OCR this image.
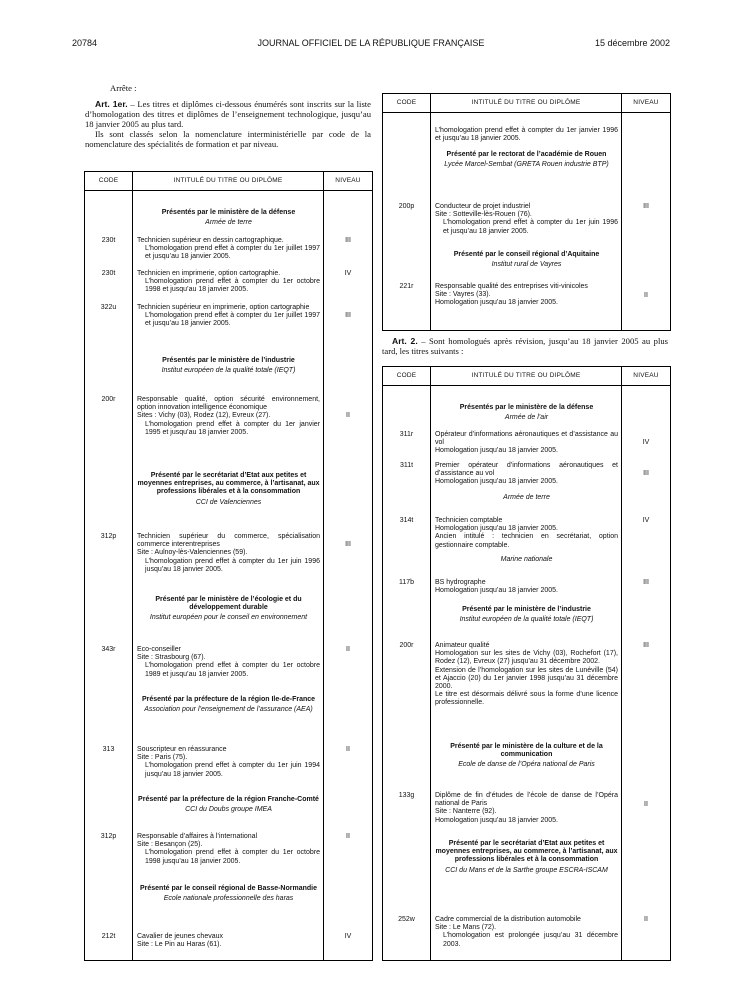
20784	JOURNAL OFFICIEL DE LA RÉPUBLIQUE FRANÇAISE	15 décembre 2002

Arrête :

Art. 1er. – Les titres et diplômes ci-dessous énumérés sont inscrits sur la liste d’homologation des titres et diplômes de l’enseignement technologique, jusqu’au 18 janvier 2005 au plus tard.

Ils sont classés selon la nomenclature interministérielle par code de la nomenclature des spécialités de formation et par niveau.

CODE	INTITULÉ DU TITRE OU DIPLÔME	NIVEAU
Présentés par le ministère de la défense
Armée de terre
230t	Technicien supérieur en dessin cartographique.
L’homologation prend effet à compter du 1er juillet 1997 et jusqu’au 18 janvier 2005.
III
230t	Technicien en imprimerie, option cartographie.
L’homologation prend effet à compter du 1er octobre 1998 et jusqu’au 18 janvier 2005.
IV
322u	Technicien supérieur en imprimerie, option cartographie
L’homologation prend effet à compter du 1er juillet 1997 et jusqu’au 18 janvier 2005.
III
Présentés par le ministère de l’industrie
Institut européen de la qualité totale (IEQT)
200r	Responsable qualité, option sécurité environnement, option innovation intelligence économique
Sites : Vichy (03), Rodez (12), Evreux (27).
L’homologation prend effet à compter du 1er janvier 1995 et jusqu’au 18 janvier 2005.
II
Présenté par le secrétariat d’Etat aux petites et moyennes entreprises, au commerce, à l’artisanat, aux professions libérales et à la consommation
CCI de Valenciennes
312p	Technicien supérieur du commerce, spécialisation commerce interentreprises
Site : Aulnoy-lès-Valenciennes (59).
L’homologation prend effet à compter du 1er juin 1996 jusqu’au 18 janvier 2005.
III
Présenté par le ministère de l’écologie et du développement durable
Institut européen pour le conseil en environnement
343r	Eco-conseiller
Site : Strasbourg (67).
L’homologation prend effet à compter du 1er octobre 1989 et jusqu’au 18 janvier 2005.
II
Présenté par la préfecture de la région Ile-de-France
Association pour l’enseignement de l’assurance (AEA)
313	Souscripteur en réassurance
Site : Paris (75).
L’homologation prend effet à compter du 1er juin 1994 jusqu’au 18 janvier 2005.
II
Présenté par la préfecture de la région Franche-Comté
CCI du Doubs groupe IMEA
312p	Responsable d’affaires à l’international
Site : Besançon (25).
L’homologation prend effet à compter du 1er octobre 1998 jusqu’au 18 janvier 2005.
II
Présenté par le conseil régional de Basse-Normandie
Ecole nationale professionnelle des haras
212t	Cavalier de jeunes chevaux
Site : Le Pin au Haras (61).
IV
CODE	INTITULÉ DU TITRE OU DIPLÔME	NIVEAU
L’homologation prend effet à compter du 1er janvier 1996 et jusqu’au 18 janvier 2005.
Présenté par le rectorat de l’académie de Rouen
Lycée Marcel-Sembat (GRETA Rouen industrie BTP)
200p	Conducteur de projet industriel
Site : Sotteville-lès-Rouen (76).
L’homologation prend effet à compter du 1er juin 1996 et jusqu’au 18 janvier 2005.
III
Présenté par le conseil régional d’Aquitaine
Institut rural de Vayres
221r	Responsable qualité des entreprises viti-vinicoles
Site : Vayres (33).
Homologation jusqu’au 18 janvier 2005.
II

Art. 2. – Sont homologués après révision, jusqu’au 18 janvier 2005 au plus tard, les titres suivants :

CODE	INTITULÉ DU TITRE OU DIPLÔME	NIVEAU
Présentés par le ministère de la défense
Armée de l’air
311r	Opérateur d’informations aéronautiques et d’assistance au vol
Homologation jusqu’au 18 janvier 2005.
IV
311t	Premier opérateur d’informations aéronautiques et d’assistance au vol
Homologation jusqu’au 18 janvier 2005.
III
Armée de terre
314t	Technicien comptable
Homologation jusqu’au 18 janvier 2005.
Ancien intitulé : technicien en secrétariat, option gestionnaire comptable.
IV
Marine nationale
117b	BS hydrographe
Homologation jusqu’au 18 janvier 2005.
III
Présenté par le ministère de l’industrie
Institut européen de la qualité totale (IEQT)
200r	Animateur qualité
Homologation sur les sites de Vichy (03), Rochefort (17), Rodez (12), Evreux (27) jusqu’au 31 décembre 2002.
Extension de l’homologation sur les sites de Lunéville (54) et Ajaccio (20) du 1er janvier 1998 jusqu’au 31 décembre 2000.
Le titre est désormais délivré sous la forme d’une licence professionnelle.
III
Présenté par le ministère de la culture et de la communication
Ecole de danse de l’Opéra national de Paris
133g	Diplôme de fin d’études de l’école de danse de l’Opéra national de Paris
Site : Nanterre (92).
Homologation jusqu’au 18 janvier 2005.
II
Présenté par le secrétariat d’Etat aux petites et moyennes entreprises, au commerce, à l’artisanat, aux professions libérales et à la consommation
CCI du Mans et de la Sarthe groupe ESCRA-ISCAM
252w	Cadre commercial de la distribution automobile
Site : Le Mans (72).
L’homologation est prolongée jusqu’au 31 décembre 2003.
II
